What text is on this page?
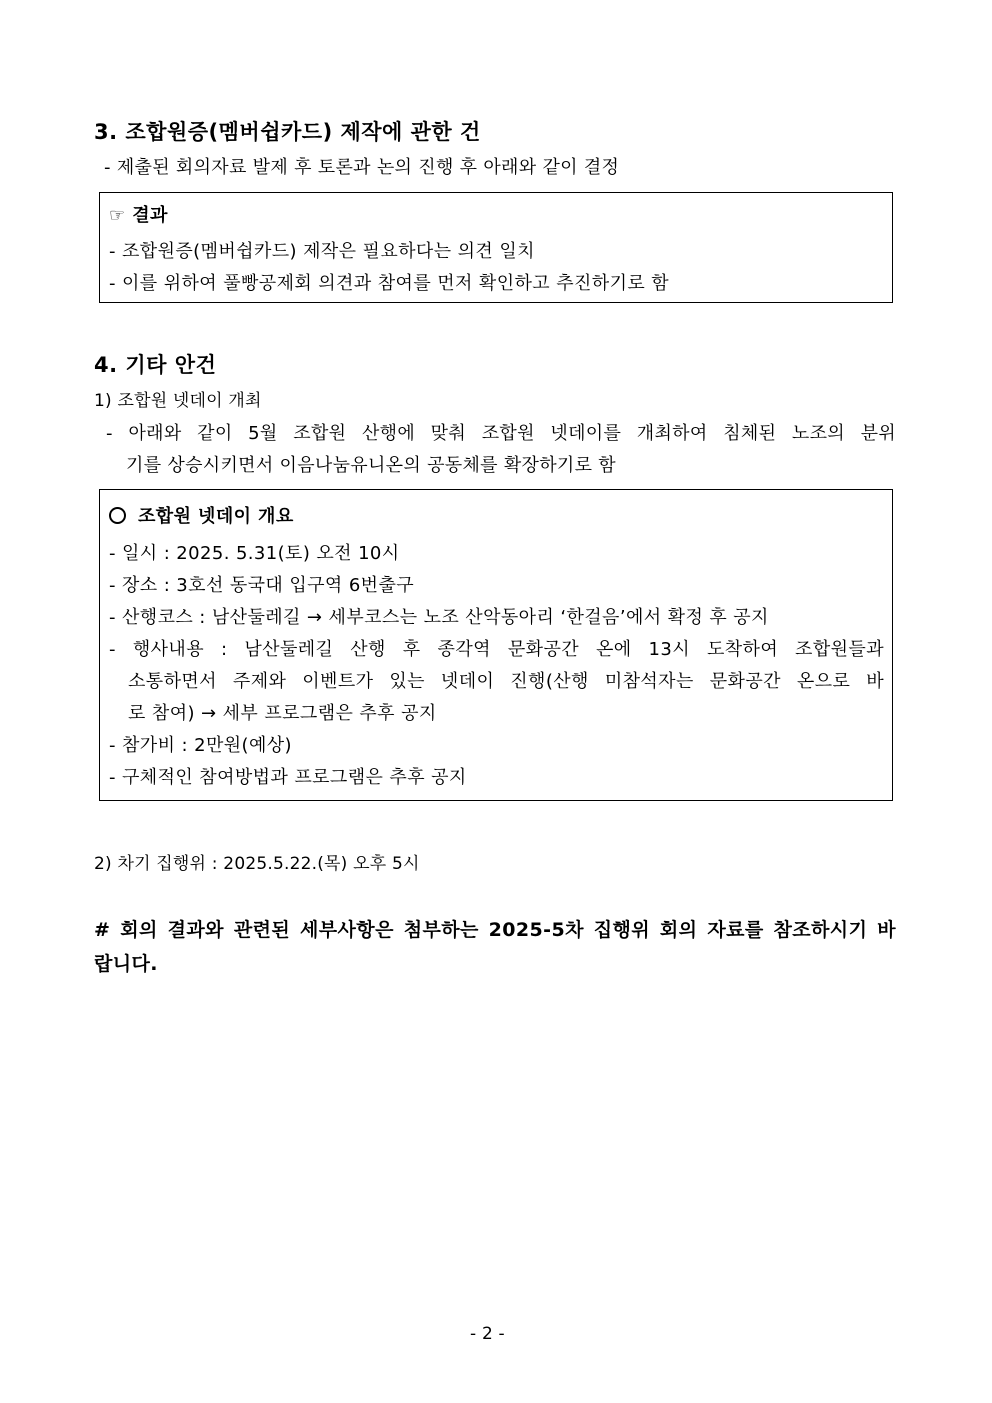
3. 조합원증(멤버쉽카드) 제작에 관한 건
- 제출된 회의자료 발제 후 토론과 논의 진행 후 아래와 같이 결정
☞ 결과
- 조합원증(멤버쉽카드) 제작은 필요하다는 의견 일치
- 이를 위하여 풀빵공제회 의견과 참여를 먼저 확인하고 추진하기로 함
4. 기타 안건
1) 조합원 넷데이 개최
- 아래와 같이 5월 조합원 산행에 맞춰 조합원 넷데이를 개최하여 침체된 노조의 분위
기를 상승시키면서 이음나눔유니온의 공동체를 확장하기로 함
조합원 넷데이 개요
- 일시 : 2025. 5.31(토) 오전 10시
- 장소 : 3호선 동국대 입구역 6번출구
- 산행코스 : 남산둘레길 → 세부코스는 노조 산악동아리 ‘한걸음’에서 확정 후 공지
- 행사내용 : 남산둘레길 산행 후 종각역 문화공간 온에 13시 도착하여 조합원들과
소통하면서 주제와 이벤트가 있는 넷데이 진행(산행 미참석자는 문화공간 온으로 바
로 참여) → 세부 프로그램은 추후 공지
- 참가비 : 2만원(예상)
- 구체적인 참여방법과 프로그램은 추후 공지
2) 차기 집행위 : 2025.5.22.(목) 오후 5시
# 회의 결과와 관련된 세부사항은 첨부하는 2025-5차 집행위 회의 자료를 참조하시기 바
랍니다.
- 2 -
